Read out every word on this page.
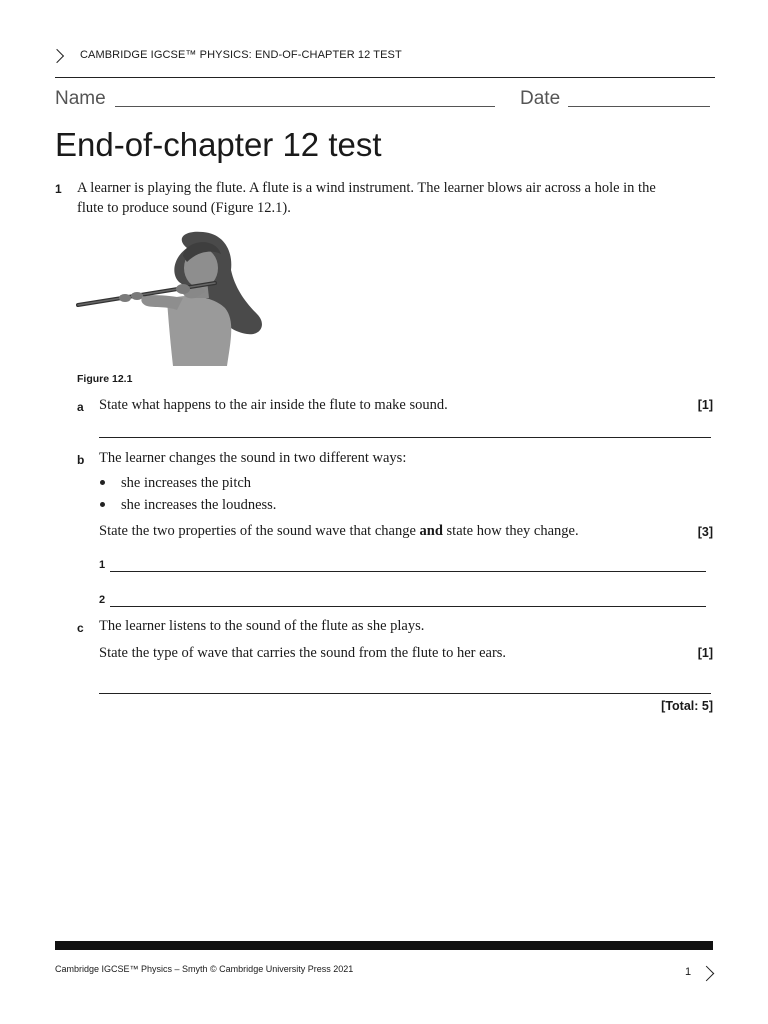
CAMBRIDGE IGCSE™ PHYSICS: END-OF-CHAPTER 12 TEST
Name	Date
End-of-chapter 12 test
1 A learner is playing the flute. A flute is a wind instrument. The learner blows air across a hole in the
flute to produce sound (Figure 12.1).
Figure 12.1
a State what happens to the air inside the flute to make sound.	[1]
b The learner changes the sound in two different ways:
she increases the pitch
she increases the loudness.
State the two properties of the sound wave that change and state how they change.	[3]
1
2
c The learner listens to the sound of the flute as she plays.
State the type of wave that carries the sound from the flute to her ears.	[1]
[Total: 5]
Cambridge IGCSE™ Physics – Smyth © Cambridge University Press 2021	1
